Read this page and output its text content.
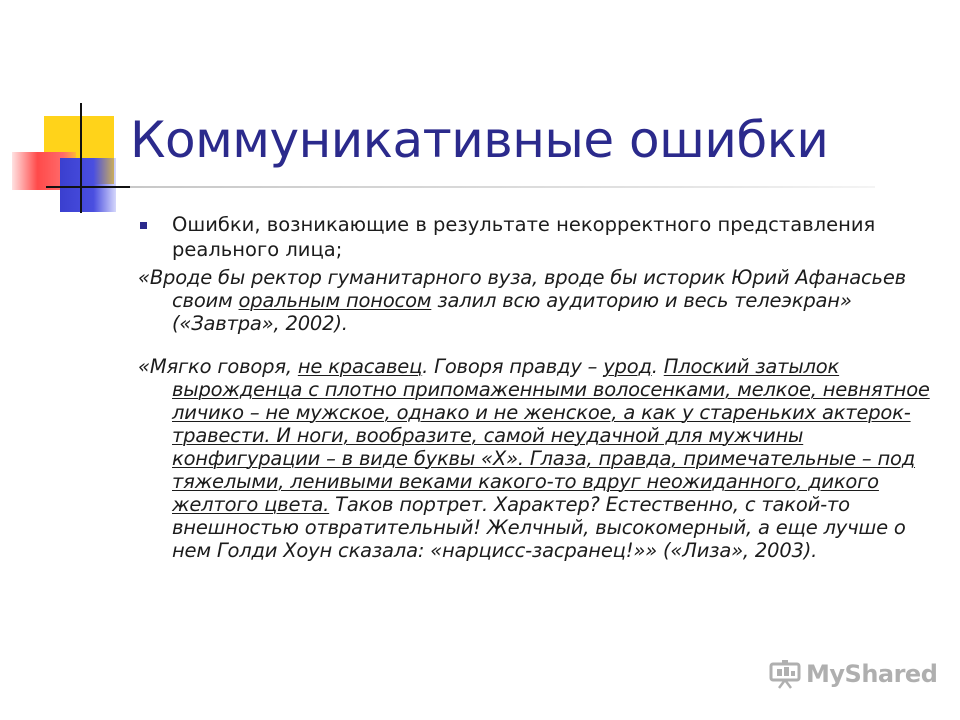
Коммуникативные ошибки
Ошибки, возникающие в результате некорректного представления реального лица;

«Вроде бы ректор гуманитарного вуза, вроде бы историк Юрий Афанасьев своим оральным поносом залил всю аудиторию и весь телеэкран» («Завтра», 2002).

«Мягко говоря, не красавец. Говоря правду – урод. Плоский затылок вырожденца с плотно припомаженными волосенками, мелкое, невнятное личико – не мужское, однако и не женское, а как у стареньких актерок-травести. И ноги, вообразите, самой неудачной для мужчины конфигурации – в виде буквы «Х». Глаза, правда, примечательные – под тяжелыми, ленивыми веками какого-то вдруг неожиданного, дикого желтого цвета. Таков портрет. Характер? Естественно, с такой-то внешностью отвратительный! Желчный, высокомерный, а еще лучше о нем Голди Хоун сказала: «нарцисс-засранец!»» («Лиза», 2003).

MyShared
